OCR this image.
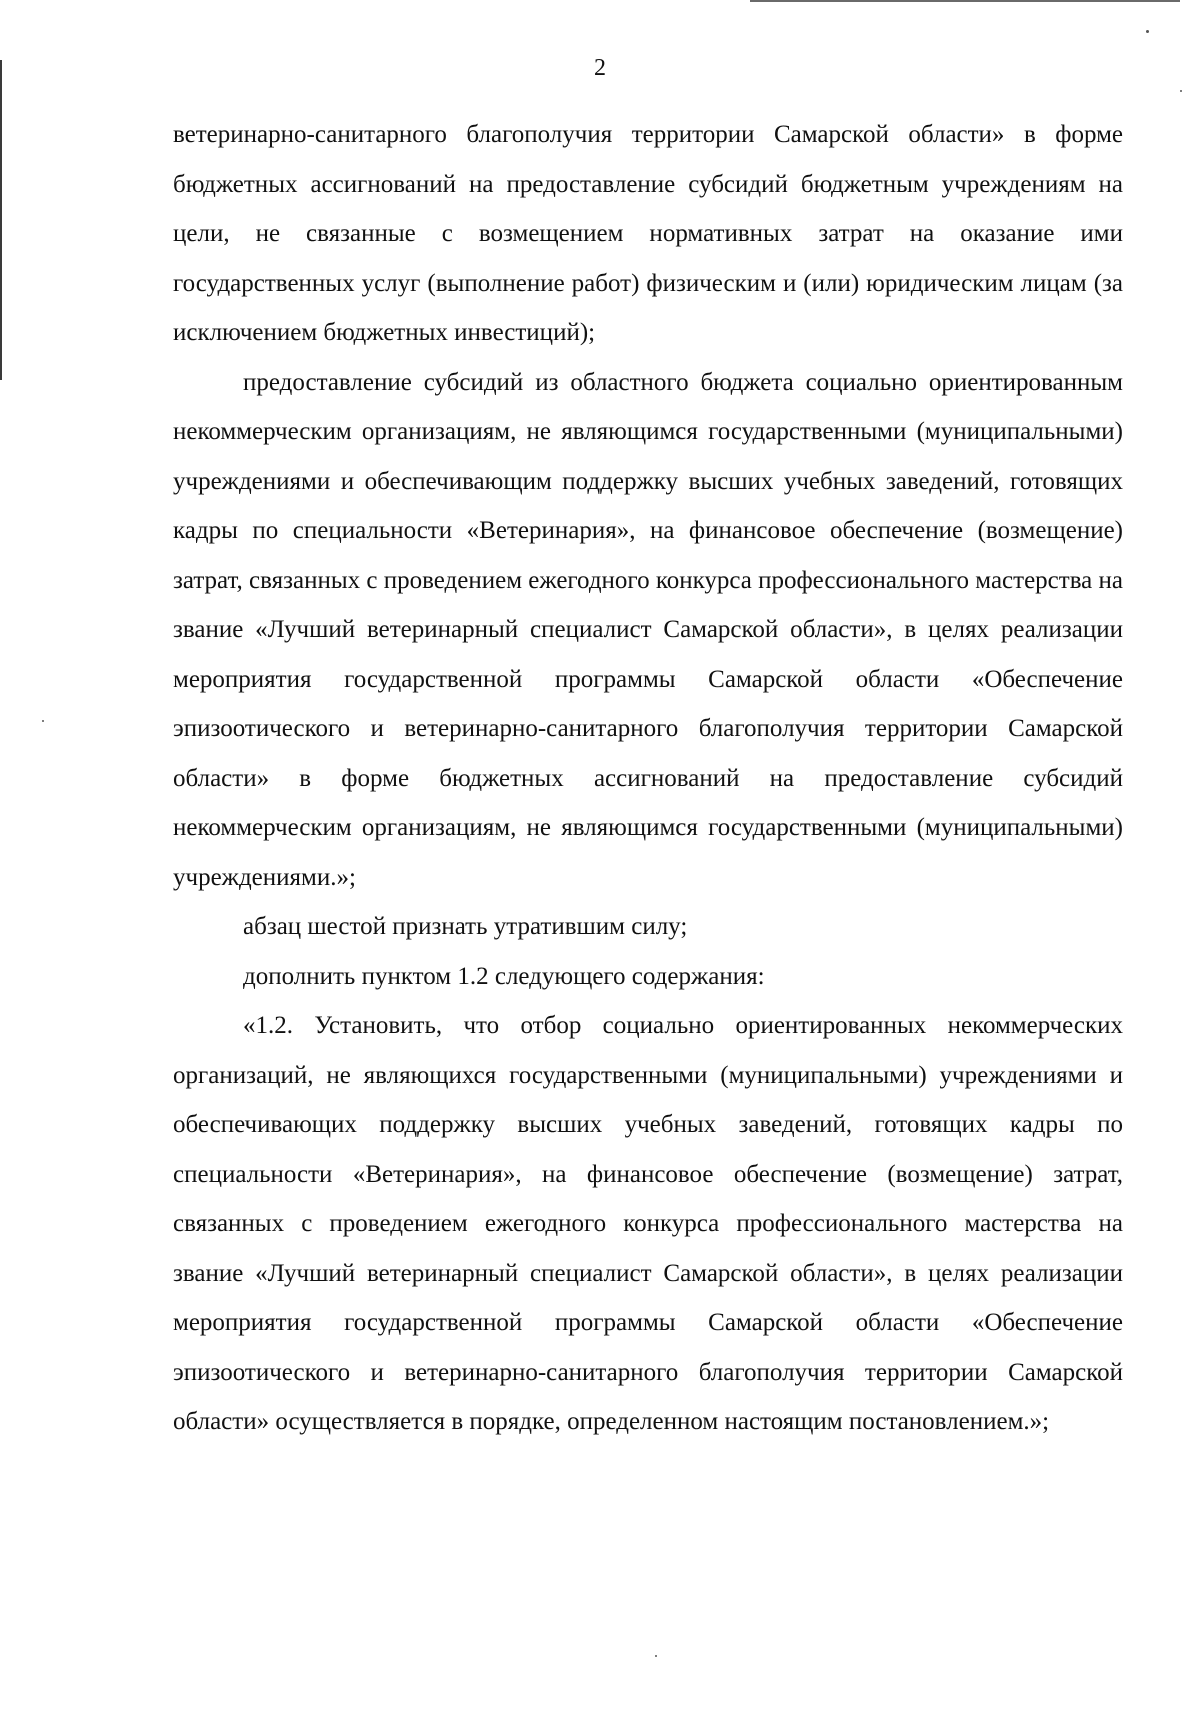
2

ветеринарно-санитарного благополучия территории Самарской области» в форме бюджетных ассигнований на предоставление субсидий бюджетным учреждениям на цели, не связанные с возмещением нормативных затрат на оказание ими государственных услуг (выполнение работ) физическим и (или) юридическим лицам (за исключением бюджетных инвестиций);

предоставление субсидий из областного бюджета социально ориентированным некоммерческим организациям, не являющимся государственными (муниципальными) учреждениями и обеспечивающим поддержку высших учебных заведений, готовящих кадры по специальности «Ветеринария», на финансовое обеспечение (возмещение) затрат, связанных с проведением ежегодного конкурса профессионального мастерства на звание «Лучший ветеринарный специалист Самарской области», в целях реализации мероприятия государственной программы Самарской области «Обеспечение эпизоотического и ветеринарно-санитарного благополучия территории Самарской области» в форме бюджетных ассигнований на предоставление субсидий некоммерческим организациям, не являющимся государственными (муниципальными) учреждениями.»;

абзац шестой признать утратившим силу;

дополнить пунктом 1.2 следующего содержания:

«1.2. Установить, что отбор социально ориентированных некоммерческих организаций, не являющихся государственными (муниципальными) учреждениями и обеспечивающих поддержку высших учебных заведений, готовящих кадры по специальности «Ветеринария», на финансовое обеспечение (возмещение) затрат, связанных с проведением ежегодного конкурса профессионального мастерства на звание «Лучший ветеринарный специалист Самарской области», в целях реализации мероприятия государственной программы Самарской области «Обеспечение эпизоотического и ветеринарно-санитарного благополучия территории Самарской области» осуществляется в порядке, определенном настоящим постановлением.»;
